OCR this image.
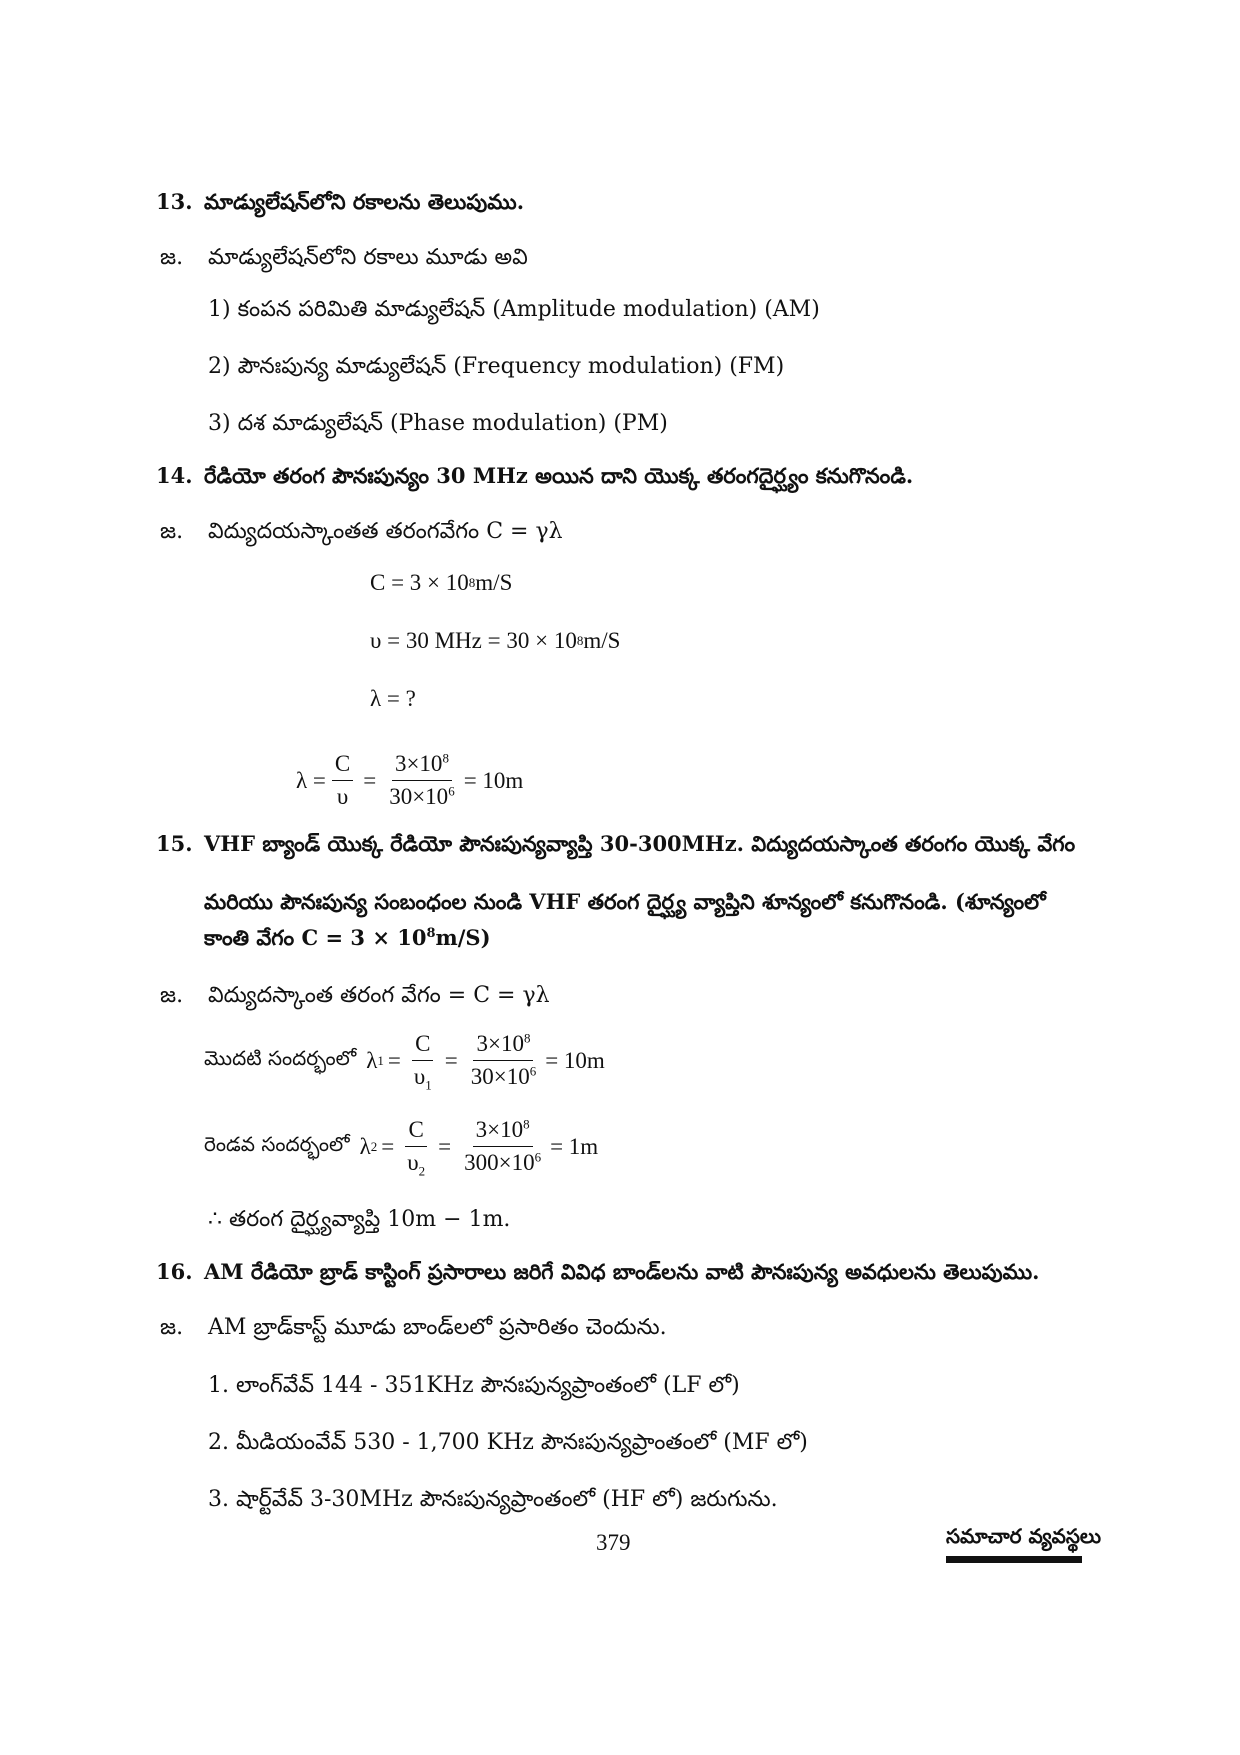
13. మాడ్యులేషన్‌లోని రకాలను తెలుపుము.
జ. మాడ్యులేషన్‌లోని రకాలు మూడు అవి
1) కంపన పరిమితి మాడ్యులేషన్ (Amplitude modulation) (AM)
2) పౌనఃపున్య మాడ్యులేషన్ (Frequency modulation) (FM)
3) దశ మాడ్యులేషన్ (Phase modulation) (PM)
14. రేడియో తరంగ పౌనఃపున్యం 30 MHz అయిన దాని యొక్క తరంగదైర్ఘ్యం కనుగొనండి.
జ. విద్యుదయస్కాంతత తరంగవేగం C = γλ
C = 3 × 10 8 m/S
υ = 30 MHz = 30 × 10 8 m/S
λ = ?
$\lambda = \frac{C}{\upsilon} = \frac{3\times 10^8}{30\times 10^6} = 10m$
15. VHF బ్యాండ్ యొక్క రేడియో పౌనఃపున్యవ్యాప్తి 30-300MHz. విద్యుదయస్కాంత తరంగం యొక్క వేగం
మరియు పౌనఃపున్య సంబంధంల నుండి VHF తరంగ దైర్ఘ్య వ్యాప్తిని శూన్యంలో కనుగొనండి. (శూన్యంలో
కాంతి వేగం $C = 3 \times 10^8m/S$)
జ. విద్యుదస్కాంత తరంగ వేగం = C = γλ
మొదటి సందర్భంలో λ $1 = \frac{C}{\upsilon_1} = \frac{3\times 10^8}{30\times 10^6} = 10m$
రెండవ సందర్భంలో λ $2 = \frac{C}{\upsilon_2} = \frac{3\times 10^8}{300\times 10^6} = 1m$
∴ తరంగ దైర్ఘ్యవ్యాప్తి 10m − 1m.
16. AM రేడియో బ్రాడ్ కాస్టింగ్ ప్రసారాలు జరిగే వివిధ బాండ్‌లను వాటి పౌనఃపున్య అవధులను తెలుపుము.
జ. AM బ్రాడ్‌కాస్ట్ మూడు బాండ్‌లలో ప్రసారితం చెందును.
1. లాంగ్‌వేవ్ 144 - 351KHz పౌనఃపున్యప్రాంతంలో (LF లో)
2. మీడియంవేవ్ 530 - 1,700 KHz పౌనఃపున్యప్రాంతంలో (MF లో)
3. షార్ట్‌వేవ్ 3-30MHz పౌనఃపున్యప్రాంతంలో (HF లో) జరుగును.
379	సమాచార వ్యవస్థలు
